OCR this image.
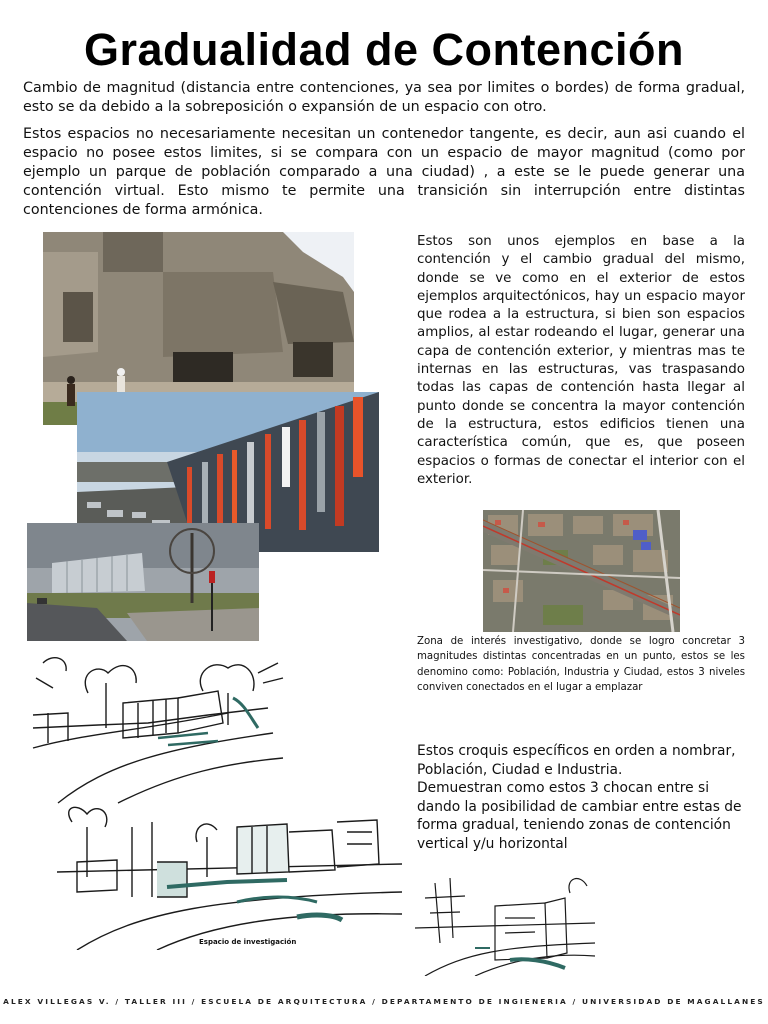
Gradualidad de Contención
Cambio de magnitud (distancia entre contenciones, ya sea por limites o bordes) de forma gradual, esto se da debido a la sobreposición o expansión de un espacio con otro.
Estos espacios no necesariamente necesitan un contenedor tangente, es decir, aun asi cuando el espacio no posee estos limites, si se compara con un espacio de mayor magnitud (como por ejemplo un parque de población comparado a una ciudad) , a este se le puede generar una contención virtual. Esto mismo te permite una transición sin interrupción entre distintas contenciones de forma armónica.
Estos son unos ejemplos en base a la contención y el cambio gradual del mismo, donde se ve como en el exterior de estos ejemplos arquitectónicos, hay un espacio mayor que rodea a la estructura, si bien son espacios amplios, al estar rodeando el lugar, generar una capa de contención exterior, y mientras mas te internas en las estructuras, vas traspasando todas las capas de contención hasta llegar al punto donde se concentra la mayor contención de la estructura, estos edificios tienen una característica común, que es, que poseen espacios o formas de conectar el interior con el exterior.
Zona de interés investigativo, donde se logro concretar 3 magnitudes distintas concentradas en un punto, estos se les denomino como: Población, Industria y Ciudad, estos 3 niveles conviven conectados en el lugar a emplazar
Espacio de investigación

Estos croquis específicos en orden a nombrar, Población, Ciudad e Industria.

Demuestran como estos 3 chocan entre si dando la posibilidad de cambiar entre estas de forma gradual, teniendo zonas de contención vertical y/u horizontal

ALEX VILLEGAS V. / TALLER III / ESCUELA DE ARQUITECTURA / DEPARTAMENTO DE INGIENERIA / UNIVERSIDAD DE MAGALLANES
